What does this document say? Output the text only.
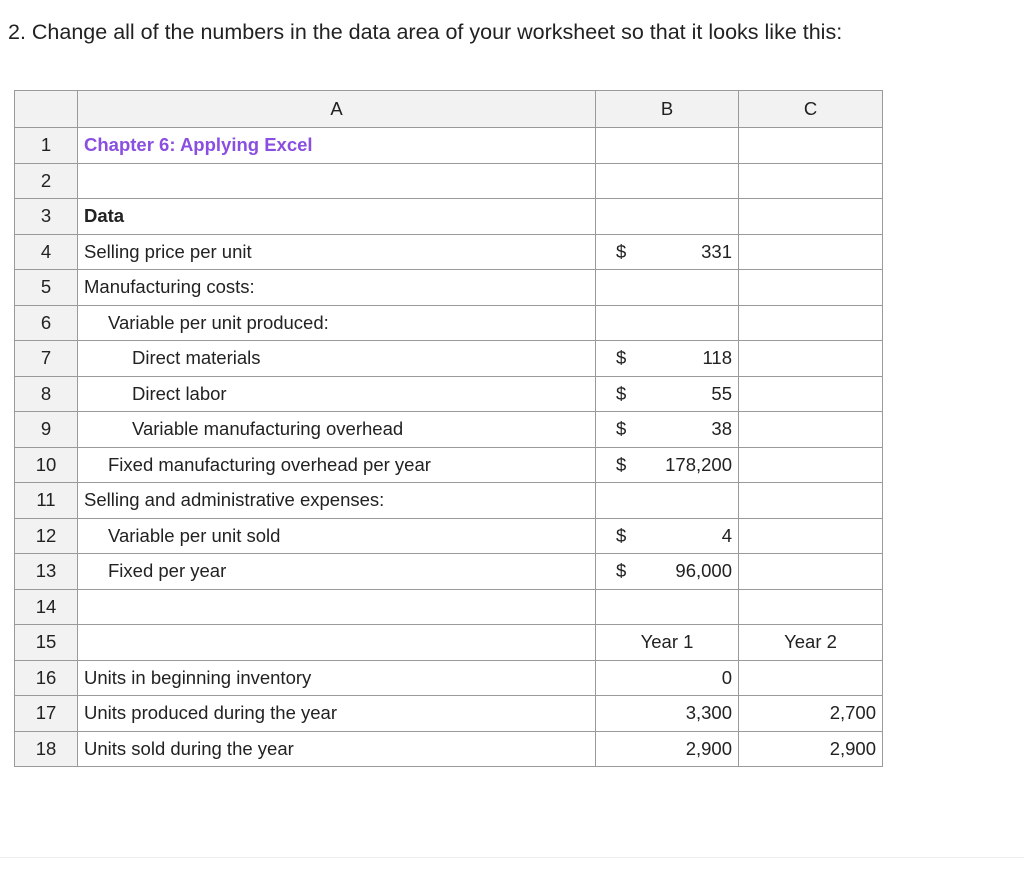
2. Change all of the numbers in the data area of your worksheet so that it looks like this:
	A	B	C
1	Chapter 6: Applying Excel	

2		

3	Data	

4	Selling price per unit	$ 331	

5	Manufacturing costs:	

6	Variable per unit produced:	

7	Direct materials	$ 118	

8	Direct labor	$ 55	

9	Variable manufacturing overhead	$ 38	

10	Fixed manufacturing overhead per year	$ 178,200	

11	Selling and administrative expenses:	

12	Variable per unit sold	$ 4	

13	Fixed per year	$ 96,000	

14		

15		Year 1	Year 2
16	Units in beginning inventory	0	

17	Units produced during the year	3,300	2,700
18	Units sold during the year	2,900	2,900
